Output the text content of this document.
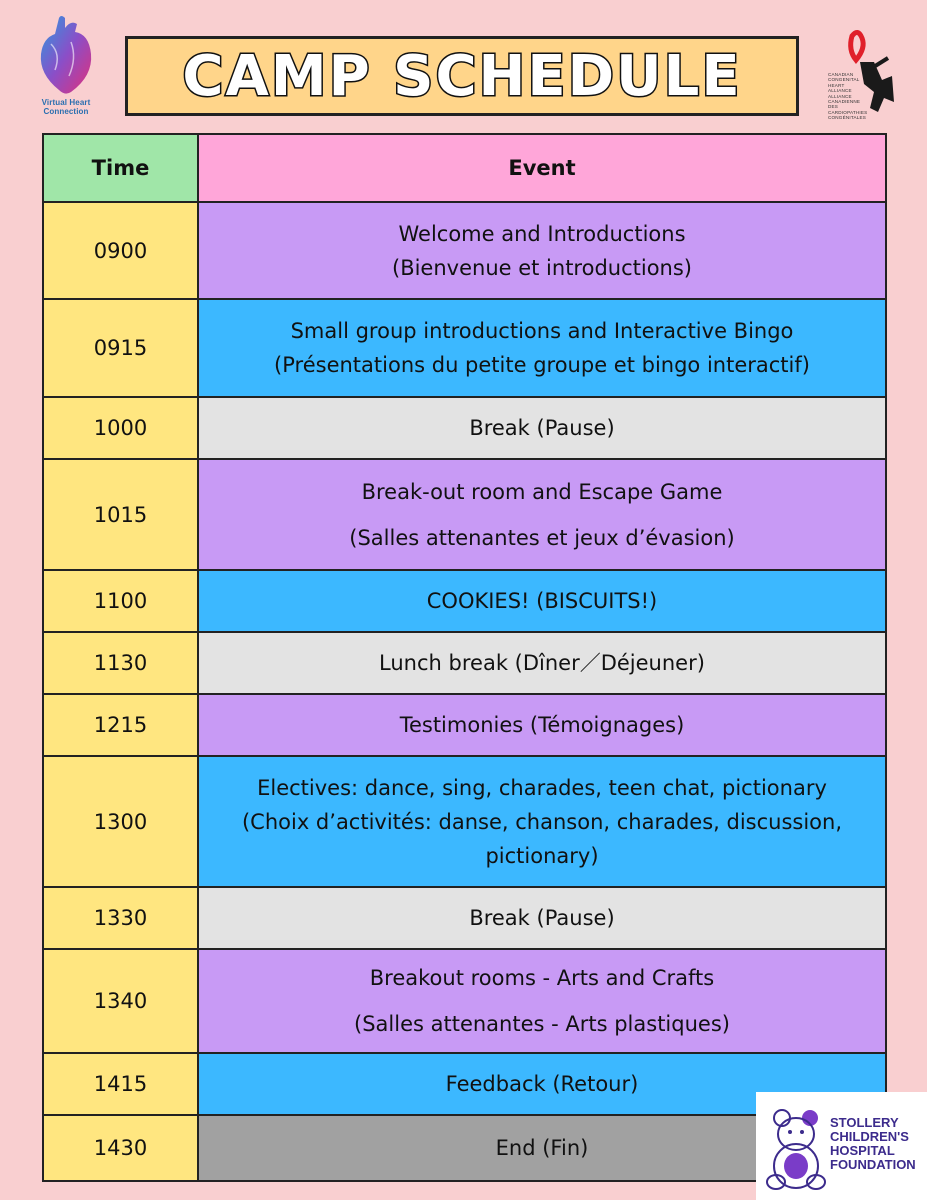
Virtual Heart Connection
CAMP SCHEDULE	CANADIAN
CONGENITAL
HEART ALLIANCE
ALLIANCE
CANADIENNE DES
CARDIOPATHIES
CONGÉNITALES
Time	Event
0900	Welcome and Introductions
(Bienvenue et introductions)

0915	Small group introductions and Interactive Bingo
(Présentations du petite groupe et bingo interactif)

1000	Break (Pause)

1015	Break-out room and Escape Game
(Salles attenantes et jeux d’évasion)

1100	COOKIES! (BISCUITS!)

1130	Lunch break (Dîner／Déjeuner)

1215	Testimonies (Témoignages)

1300	Electives: dance, sing, charades, teen chat, pictionary
(Choix d’activités: danse, chanson, charades, discussion,
pictionary)

1330	Break (Pause)

1340	Breakout rooms - Arts and Crafts
(Salles attenantes - Arts plastiques)

1415	Feedback (Retour)

1430	End (Fin)
STOLLERY
CHILDREN'S
HOSPITAL
FOUNDATION
